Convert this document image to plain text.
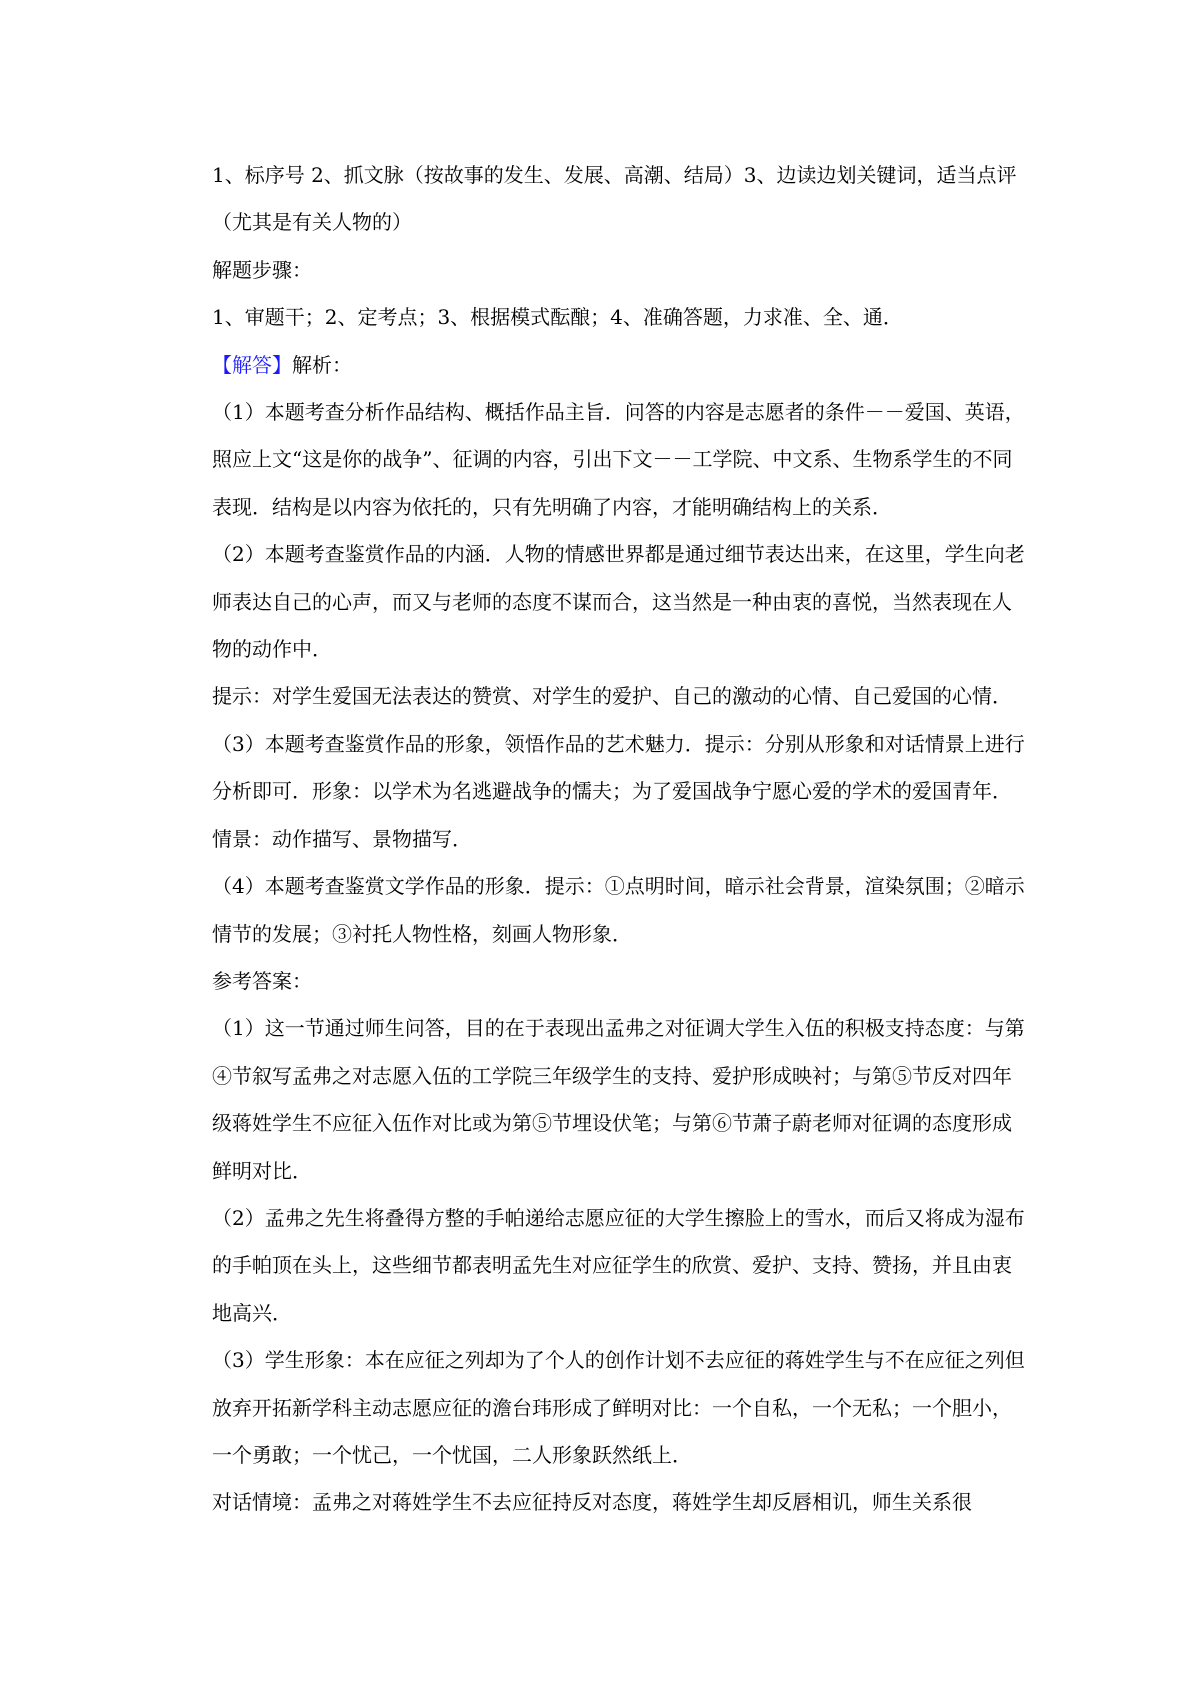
1、标序号 2、抓文脉（按故事的发生、发展、高潮、结局）3、边读边划关键词，适当点评（尤其是有关人物的）

解题步骤：

1、审题干；2、定考点；3、根据模式酝酿；4、准确答题，力求准、全、通．

【解答】解析：

（1）本题考查分析作品结构、概括作品主旨．问答的内容是志愿者的条件－－爱国、英语，照应上文“这是你的战争”、征调的内容，引出下文－－工学院、中文系、生物系学生的不同表现．结构是以内容为依托的，只有先明确了内容，才能明确结构上的关系．

（2）本题考查鉴赏作品的内涵．人物的情感世界都是通过细节表达出来，在这里，学生向老师表达自己的心声，而又与老师的态度不谋而合，这当然是一种由衷的喜悦，当然表现在人物的动作中．

提示：对学生爱国无法表达的赞赏、对学生的爱护、自己的激动的心情、自己爱国的心情．

（3）本题考查鉴赏作品的形象，领悟作品的艺术魅力．提示：分别从形象和对话情景上进行分析即可．形象：以学术为名逃避战争的懦夫；为了爱国战争宁愿心爱的学术的爱国青年．情景：动作描写、景物描写．

（4）本题考查鉴赏文学作品的形象．提示：①点明时间，暗示社会背景，渲染氛围；②暗示情节的发展；③衬托人物性格，刻画人物形象．

参考答案：

（1）这一节通过师生问答，目的在于表现出孟弗之对征调大学生入伍的积极支持态度：与第④节叙写孟弗之对志愿入伍的工学院三年级学生的支持、爱护形成映衬；与第⑤节反对四年级蒋姓学生不应征入伍作对比或为第⑤节埋设伏笔；与第⑥节萧子蔚老师对征调的态度形成鲜明对比．

（2）孟弗之先生将叠得方整的手帕递给志愿应征的大学生擦脸上的雪水，而后又将成为湿布的手帕顶在头上，这些细节都表明孟先生对应征学生的欣赏、爱护、支持、赞扬，并且由衷地高兴．

（3）学生形象：本在应征之列却为了个人的创作计划不去应征的蒋姓学生与不在应征之列但放弃开拓新学科主动志愿应征的澹台玮形成了鲜明对比：一个自私，一个无私；一个胆小，一个勇敢；一个忧己，一个忧国，二人形象跃然纸上．

对话情境：孟弗之对蒋姓学生不去应征持反对态度，蒋姓学生却反唇相讥，师生关系很
